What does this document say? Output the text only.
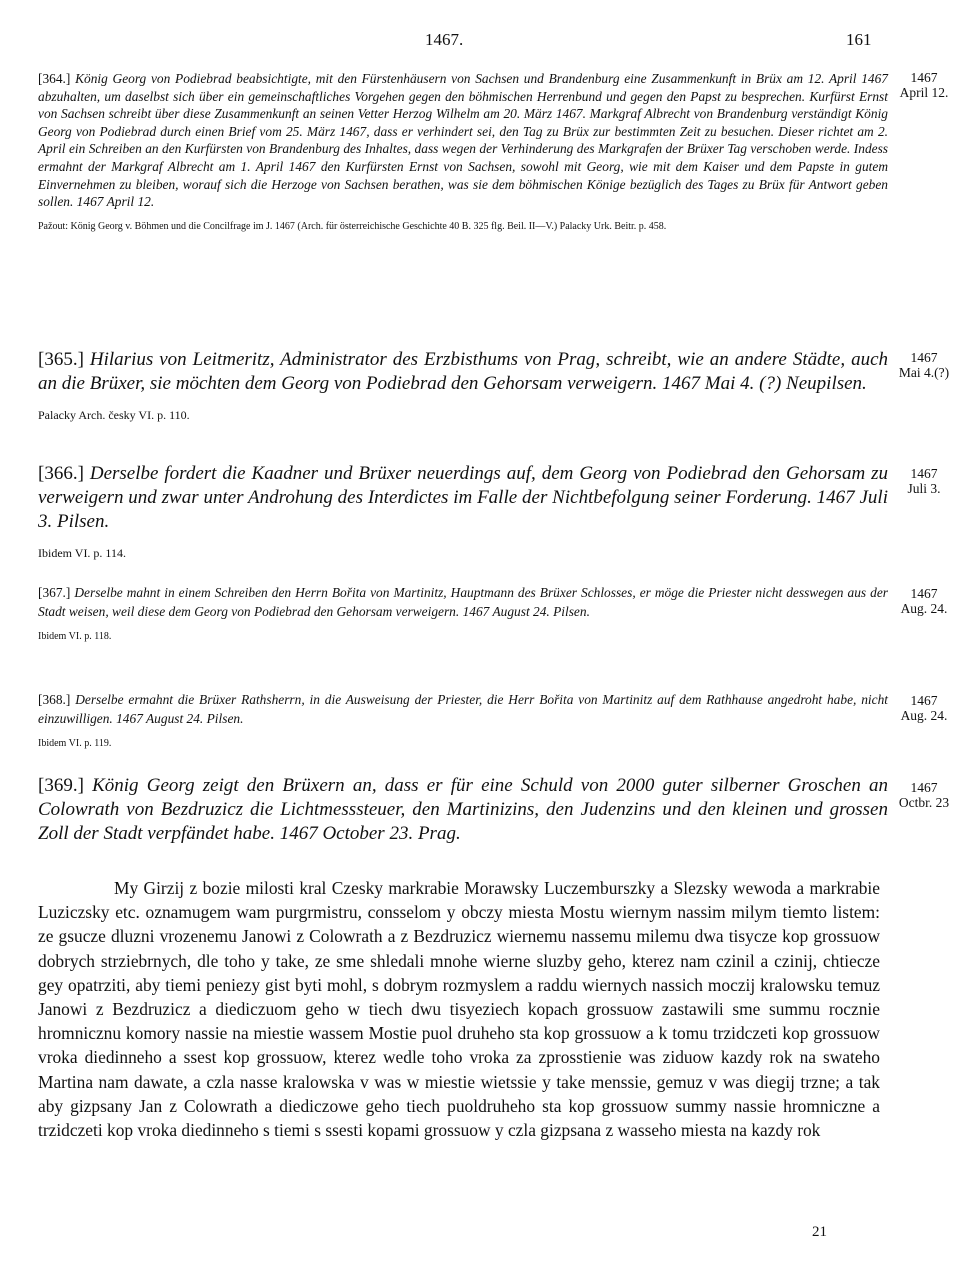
1467.	161

[364.] König Georg von Podiebrad beabsichtigte, mit den Fürstenhäusern von Sachsen und Brandenburg eine Zusammenkunft in Brüx am 12. April 1467 abzuhalten, um daselbst sich über ein gemeinschaftliches Vorgehen gegen den böhmischen Herrenbund und gegen den Papst zu besprechen. Kurfürst Ernst von Sachsen schreibt über diese Zusammenkunft an seinen Vetter Herzog Wilhelm am 20. März 1467. Markgraf Albrecht von Brandenburg verständigt König Georg von Podiebrad durch einen Brief vom 25. März 1467, dass er verhindert sei, den Tag zu Brüx zur bestimmten Zeit zu besuchen. Dieser richtet am 2. April ein Schreiben an den Kurfürsten von Brandenburg des Inhaltes, dass wegen der Verhinderung des Markgrafen der Brüxer Tag verschoben werde. Indess ermahnt der Markgraf Albrecht am 1. April 1467 den Kurfürsten Ernst von Sachsen, sowohl mit Georg, wie mit dem Kaiser und dem Papste in gutem Einvernehmen zu bleiben, worauf sich die Herzoge von Sachsen berathen, was sie dem böhmischen Könige bezüglich des Tages zu Brüx für Antwort geben sollen. 1467 April 12.

Pažout: König Georg v. Böhmen und die Concilfrage im J. 1467 (Arch. für österreichische Geschichte 40 B. 325 flg. Beil. II—V.) Palacky Urk. Beitr. p. 458.

1467
April 12.

[365.] Hilarius von Leitmeritz, Administrator des Erzbisthums von Prag, schreibt, wie an andere Städte, auch an die Brüxer, sie möchten dem Georg von Podiebrad den Gehorsam verweigern. 1467 Mai 4. (?) Neupilsen.

Palacky Arch. česky VI. p. 110.

1467
Mai 4.(?)

[366.] Derselbe fordert die Kaadner und Brüxer neuerdings auf, dem Georg von Podiebrad den Gehorsam zu verweigern und zwar unter Androhung des Interdictes im Falle der Nichtbefolgung seiner Forderung. 1467 Juli 3. Pilsen.

Ibidem VI. p. 114.

1467
Juli 3.

[367.] Derselbe mahnt in einem Schreiben den Herrn Bořita von Martinitz, Hauptmann des Brüxer Schlosses, er möge die Priester nicht desswegen aus der Stadt weisen, weil diese dem Georg von Podiebrad den Gehorsam verweigern. 1467 August 24. Pilsen.

Ibidem VI. p. 118.

1467
Aug. 24.

[368.] Derselbe ermahnt die Brüxer Rathsherrn, in die Ausweisung der Priester, die Herr Bořita von Martinitz auf dem Rathhause angedroht habe, nicht einzuwilligen. 1467 August 24. Pilsen.

Ibidem VI. p. 119.

1467
Aug. 24.

[369.] König Georg zeigt den Brüxern an, dass er für eine Schuld von 2000 guter silberner Groschen an Colowrath von Bezdruzicz die Lichtmesssteuer, den Martinizins, den Judenzins und den kleinen und grossen Zoll der Stadt verpfändet habe. 1467 October 23. Prag.

1467
Octbr. 23

My Girzij z bozie milosti kral Czesky markrabie Morawsky Luczemburszky a Slezsky wewoda a markrabie Luziczsky etc. oznamugem wam purgrmistru, consselom y obczy miesta Mostu wiernym nassim milym tiemto listem: ze gsucze dluzni vrozenemu Janowi z Colowrath a z Bezdruzicz wiernemu nassemu milemu dwa tisycze kop grossuow dobrych strziebrnych, dle toho y take, ze sme shledali mnohe wierne sluzby geho, kterez nam czinil a czinij, chtiecze gey opatrziti, aby tiemi peniezy gist byti mohl, s dobrym rozmyslem a raddu wiernych nassich moczij kralowsku temuz Janowi z Bezdruzicz a diediczuom geho w tiech dwu tisyeziech kopach grossuow zastawili sme summu rocznie hromnicznu komory nassie na miestie wassem Mostie puol druheho sta kop grossuow a k tomu trzidczeti kop grossuow vroka diedinneho a ssest kop grossuow, kterez wedle toho vroka za zprosstienie was ziduow kazdy rok na swateho Martina nam dawate, a czla nasse kralowska v was w miestie wietssie y take menssie, gemuz v was diegij trzne; a tak aby gizpsany Jan z Colowrath a diediczowe geho tiech puoldruheho sta kop grossuow summy nassie hromniczne a trzidczeti kop vroka diedinneho s tiemi s ssesti kopami grossuow y czla gizpsana z wasseho miesta na kazdy rok

21
